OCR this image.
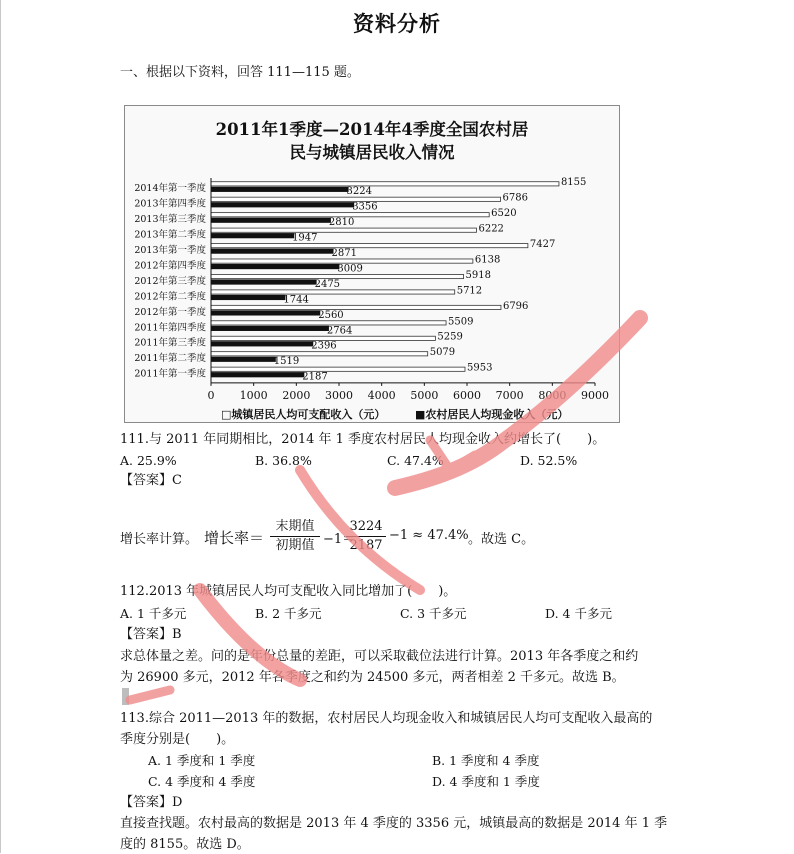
资料分析
一、根据以下资料，回答 111—115 题。
2011年1季度—2014年4季度全国农村居
民与城镇居民收入情况
2014年第一季度
2013年第四季度
2013年第三季度
2013年第二季度
2013年第一季度
2012年第四季度
2012年第三季度
2012年第二季度
2012年第一季度
2011年第四季度
2011年第三季度
2011年第二季度
2011年第一季度
8155
3224
6786
3356
6520
2810
6222
1947
7427
2871
6138
3009
5918
2475
5712
1744
6796
2560
5509
2764
5259
2396
5079
1519
5953
2187
0 1000 2000 3000 4000 5000 6000 7000 8000 9000
□城镇居民人均可支配收入（元）	■农村居民人均现金收入（元）
111.与 2011 年同期相比，2014 年 1 季度农村居民人均现金收入约增长了(　　)。
A. 25.9%	B. 36.8%	C. 47.4%	D. 52.5%
【答案】C
增长率计算。 增长率＝
末期值
初期值 −1＝
$\frac{3224}{2187} -1 \approx 47.4\%$ 。故选 C。
112.2013 年城镇居民人均可支配收入同比增加了(　　)。
A. 1 千多元	B. 2 千多元	C. 3 千多元	D. 4 千多元
【答案】B
求总体量之差。问的是年份总量的差距，可以采取截位法进行计算。2013 年各季度之和约
为 26900 多元，2012 年各季度之和约为 24500 多元，两者相差 2 千多元。故选 B。
113.综合 2011—2013 年的数据，农村居民人均现金收入和城镇居民人均可支配收入最高的
季度分别是(　　)。
A. 1 季度和 1 季度	B. 1 季度和 4 季度
C. 4 季度和 4 季度	D. 4 季度和 1 季度
【答案】D
直接查找题。农村最高的数据是 2013 年 4 季度的 3356 元，城镇最高的数据是 2014 年 1 季
度的 8155。故选 D。
